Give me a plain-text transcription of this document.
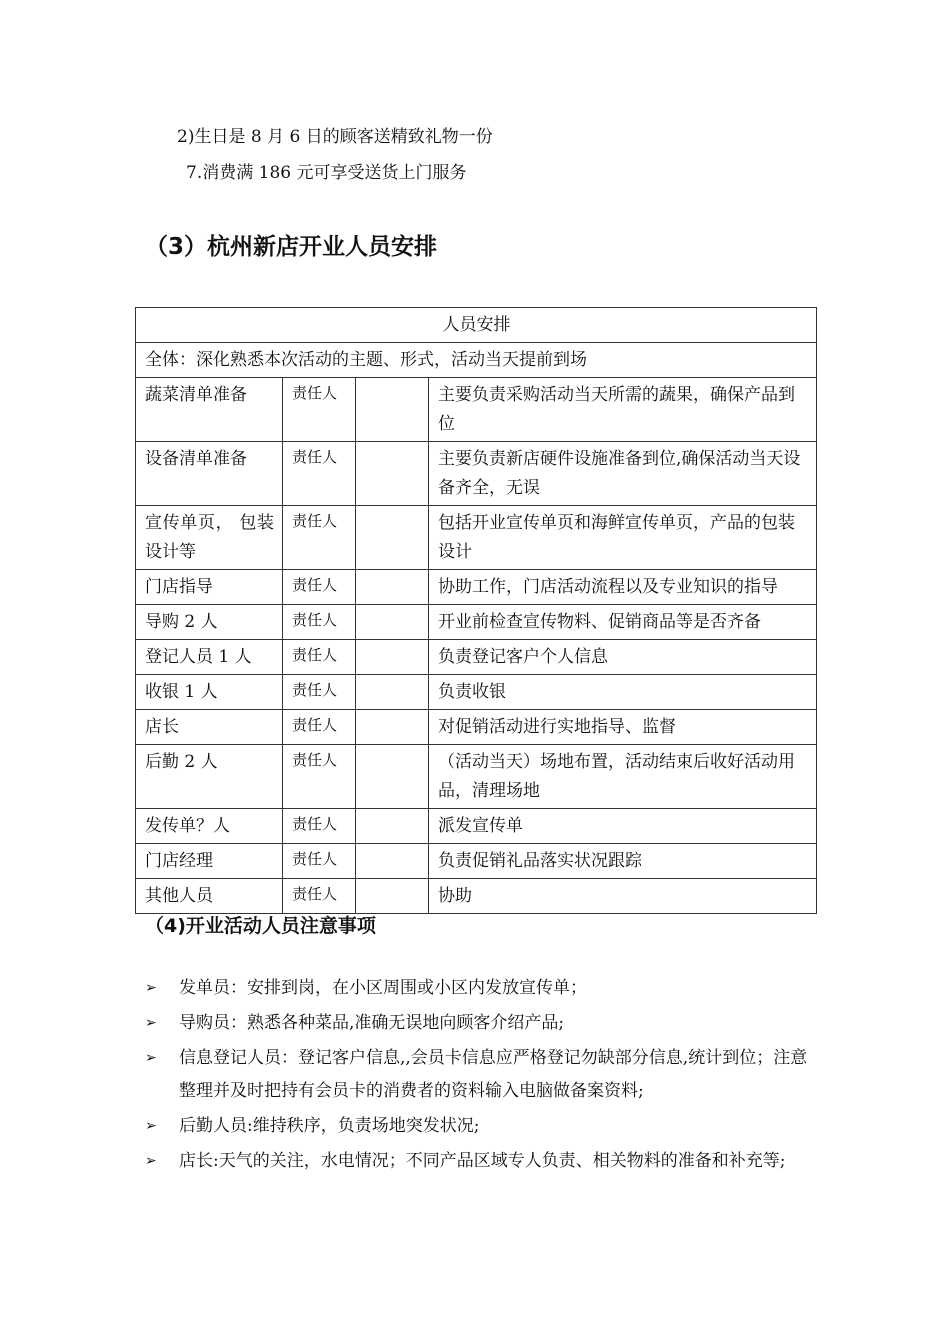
2)生日是 8 月 6 日的顾客送精致礼物一份
7.消费满 186 元可享受送货上门服务
（3）杭州新店开业人员安排
人员安排			
全体：深化熟悉本次活动的主题、形式，活动当天提前到场			
蔬菜清单准备	责任人		主要负责采购活动当天所需的蔬果，确保产品到位
设备清单准备	责任人		主要负责新店硬件设施准备到位,确保活动当天设备齐全，无误
宣传单页， 包装设计等	责任人		包括开业宣传单页和海鲜宣传单页，产品的包装设计
门店指导	责任人		协助工作，门店活动流程以及专业知识的指导
导购 2 人	责任人		开业前检查宣传物料、促销商品等是否齐备
登记人员 1 人	责任人		负责登记客户个人信息
收银 1 人	责任人		负责收银
店长	责任人		对促销活动进行实地指导、监督
后勤 2 人	责任人		（活动当天）场地布置，活动结束后收好活动用品，清理场地
发传单？人	责任人		派发宣传单
门店经理	责任人		负责促销礼品落实状况跟踪
其他人员	责任人		协助
（4)开业活动人员注意事项
➢ 发单员：安排到岗，在小区周围或小区内发放宣传单；
➢ 导购员：熟悉各种菜品,准确无误地向顾客介绍产品;
➢ 信息登记人员：登记客户信息,,会员卡信息应严格登记勿缺部分信息,统计到位；注意整理并及时把持有会员卡的消费者的资料输入电脑做备案资料;
➢ 后勤人员:维持秩序，负责场地突发状况;
➢ 店长:天气的关注，水电情况；不同产品区域专人负责、相关物料的准备和补充等;
